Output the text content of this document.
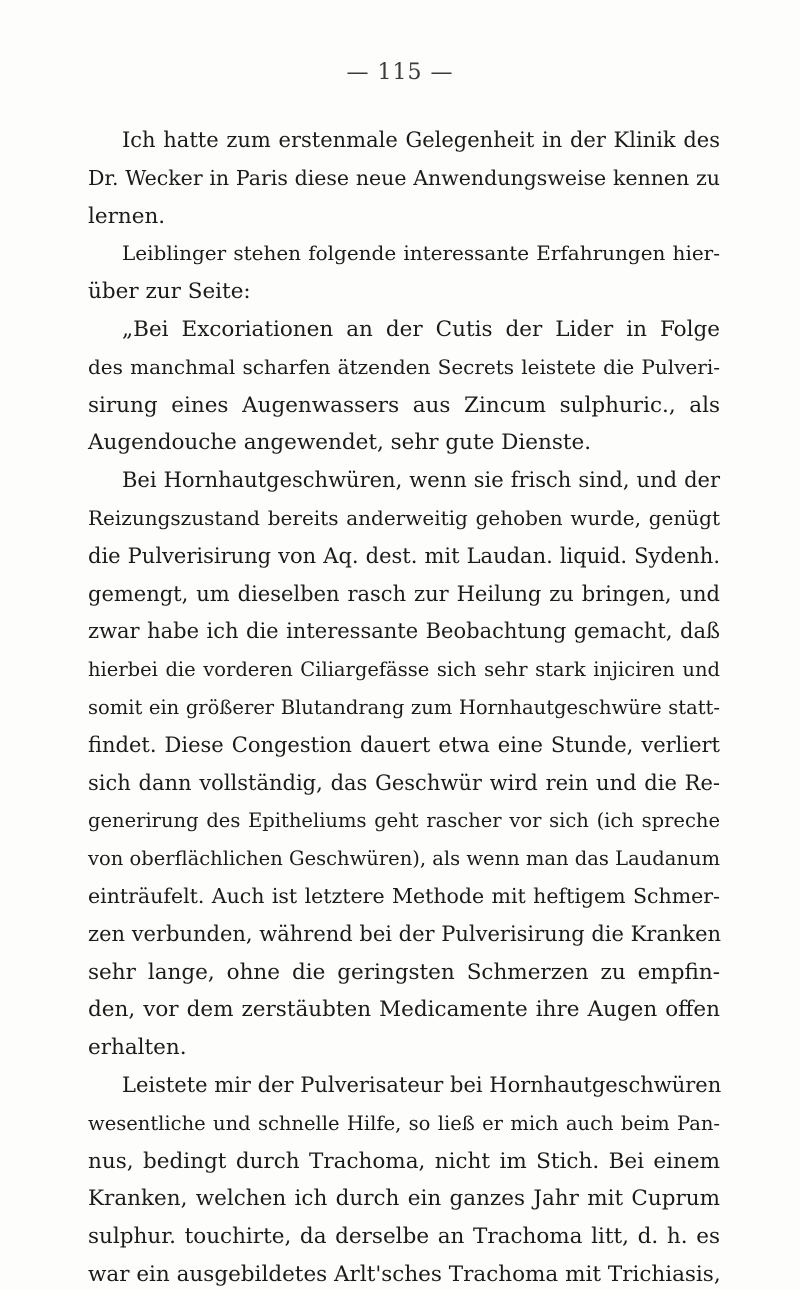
— 115 —
Ich hatte zum erstenmale Gelegenheit in der Klinik des
Dr. Wecker in Paris diese neue Anwendungsweise kennen zu
lernen.
Leiblinger stehen folgende interessante Erfahrungen hier-
über zur Seite:
„Bei Excoriationen an der Cutis der Lider in Folge
des manchmal scharfen ätzenden Secrets leistete die Pulveri-
sirung eines Augenwassers aus Zincum sulphuric., als
Augendouche angewendet, sehr gute Dienste.
Bei Hornhautgeschwüren, wenn sie frisch sind, und der
Reizungszustand bereits anderweitig gehoben wurde, genügt
die Pulverisirung von Aq. dest. mit Laudan. liquid. Sydenh.
gemengt, um dieselben rasch zur Heilung zu bringen, und
zwar habe ich die interessante Beobachtung gemacht, daß
hierbei die vorderen Ciliargefässe sich sehr stark injiciren und
somit ein größerer Blutandrang zum Hornhautgeschwüre statt-
findet. Diese Congestion dauert etwa eine Stunde, verliert
sich dann vollständig, das Geschwür wird rein und die Re-
generirung des Epitheliums geht rascher vor sich (ich spreche
von oberflächlichen Geschwüren), als wenn man das Laudanum
einträufelt. Auch ist letztere Methode mit heftigem Schmer-
zen verbunden, während bei der Pulverisirung die Kranken
sehr lange, ohne die geringsten Schmerzen zu empfin-
den, vor dem zerstäubten Medicamente ihre Augen offen
erhalten.
Leistete mir der Pulverisateur bei Hornhautgeschwüren
wesentliche und schnelle Hilfe, so ließ er mich auch beim Pan-
nus, bedingt durch Trachoma, nicht im Stich. Bei einem
Kranken, welchen ich durch ein ganzes Jahr mit Cuprum
sulphur. touchirte, da derselbe an Trachoma litt, d. h. es
war ein ausgebildetes Arlt'sches Trachoma mit Trichiasis,
